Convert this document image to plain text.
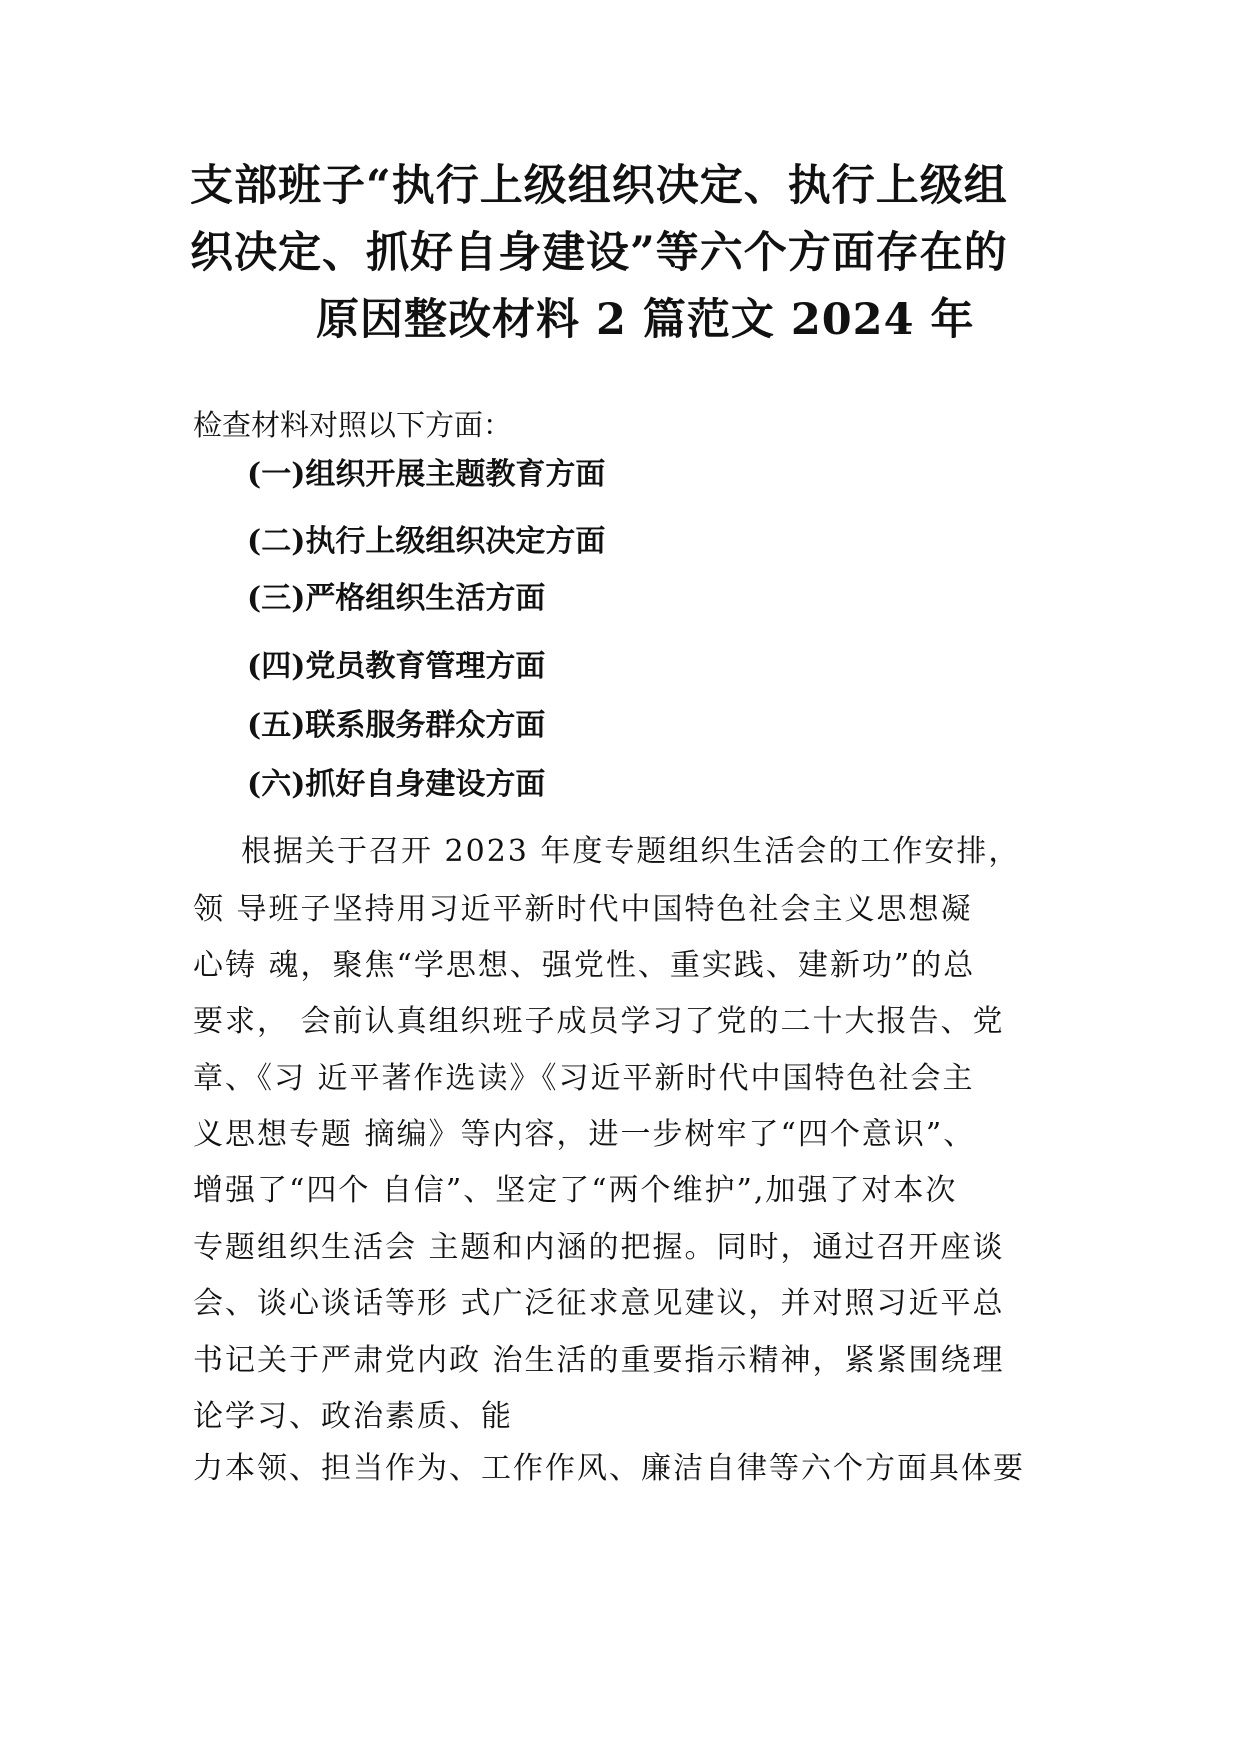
支部班子“执行上级组织决定、执行上级组
织决定、抓好自身建设”等六个方面存在的
原因整改材料 2 篇范文 2024 年
检查材料对照以下方面：
(一)组织开展主题教育方面
(二)执行上级组织决定方面
(三)严格组织生活方面
(四)党员教育管理方面
(五)联系服务群众方面
(六)抓好自身建设方面
根据关于召开 2023 年度专题组织生活会的工作安排，
领 导班子坚持用习近平新时代中国特色社会主义思想凝
心铸 魂，聚焦“学思想、强党性、重实践、建新功”的总
要求， 会前认真组织班子成员学习了党的二十大报告、党
章、《习 近平著作选读》《习近平新时代中国特色社会主
义思想专题 摘编》等内容，进一步树牢了“四个意识”、
增强了“四个 自信”、坚定了“两个维护”,加强了对本次
专题组织生活会 主题和内涵的把握。同时，通过召开座谈
会、谈心谈话等形 式广泛征求意见建议，并对照习近平总
书记关于严肃党内政 治生活的重要指示精神，紧紧围绕理
论学习、政治素质、能
力本领、担当作为、工作作风、廉洁自律等六个方面具体要
